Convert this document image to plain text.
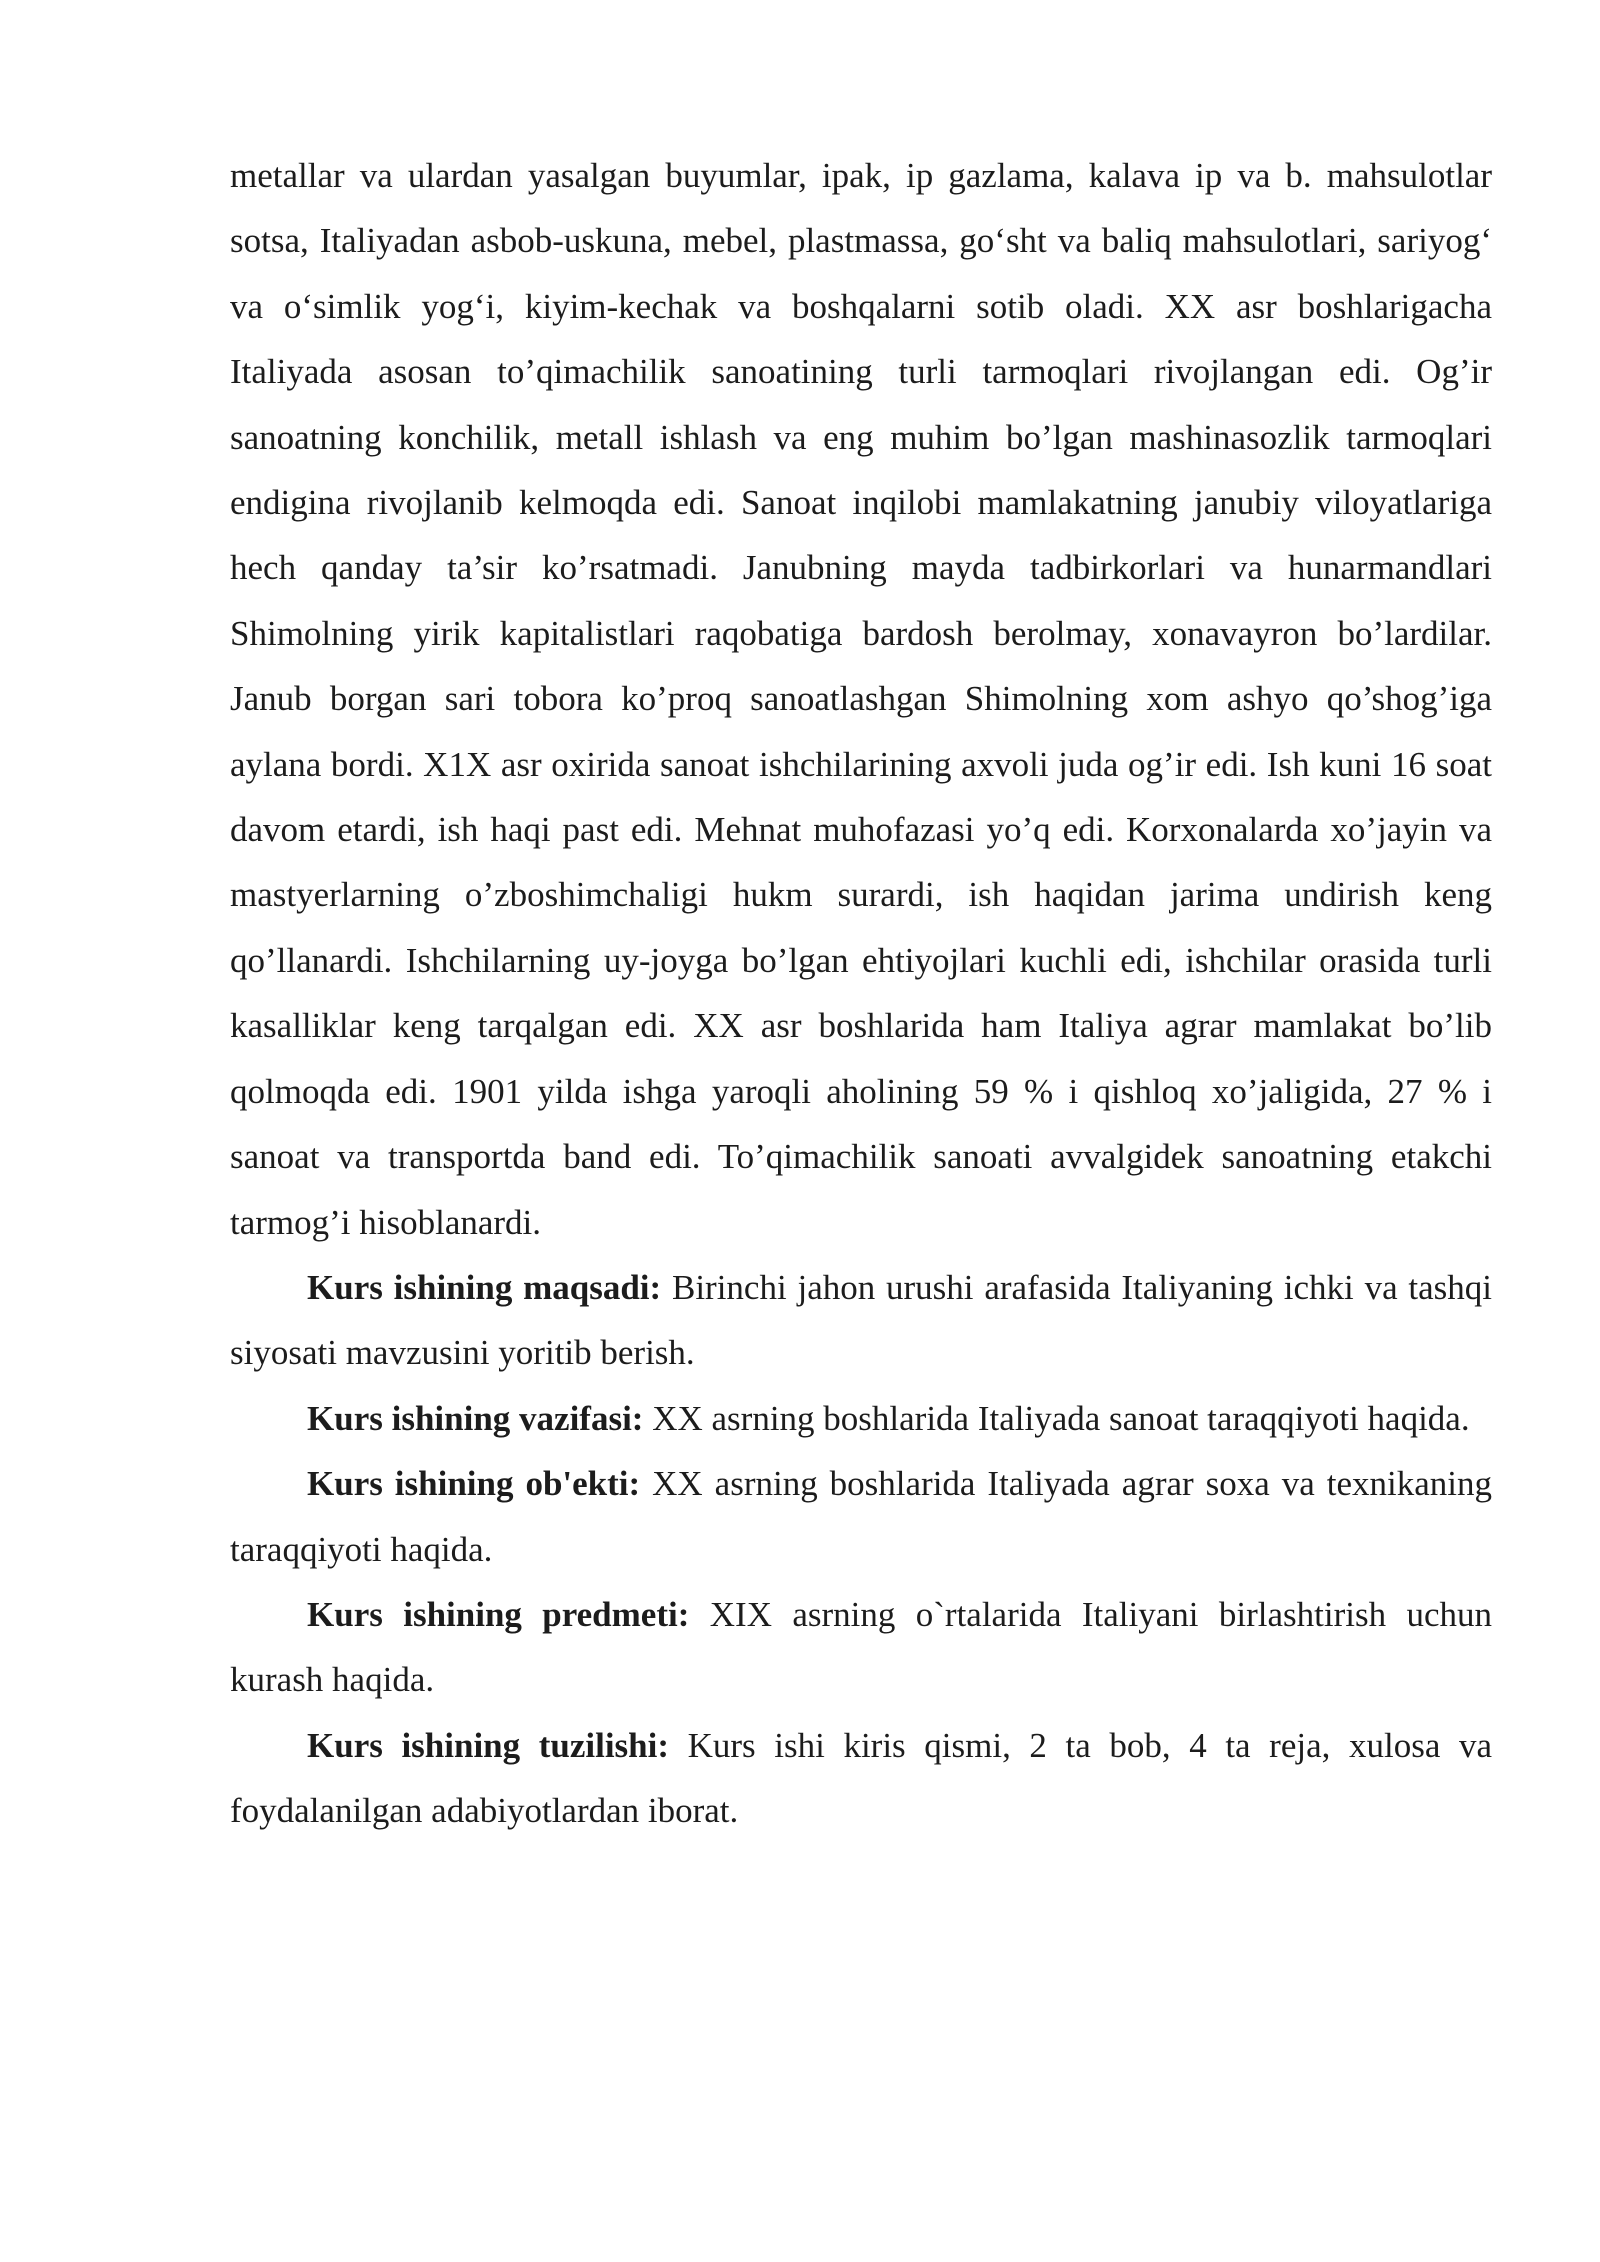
metallar va ulardan yasalgan buyumlar, ipak, ip gazlama, kalava ip va b. mahsulotlar sotsa, Italiyadan asbob-uskuna, mebel, plastmassa, go‘sht va baliq mahsulotlari, sariyog‘ va o‘simlik yog‘i, kiyim-kechak va boshqalarni sotib oladi. XX asr boshlarigacha Italiyada asosan to’qimachilik sanoatining turli tarmoqlari rivojlangan edi. Og’ir sanoatning konchilik, metall ishlash va eng muhim bo’lgan mashinasozlik tarmoqlari endigina rivojlanib kelmoqda edi. Sanoat inqilobi mamlakatning janubiy viloyatlariga hech qanday ta’sir ko’rsatmadi. Janubning mayda tadbirkorlari va hunarmandlari Shimolning yirik kapitalistlari raqobatiga bardosh berolmay, xonavayron bo’lardilar. Janub borgan sari tobora ko’proq sanoatlashgan Shimolning xom ashyo qo’shog’iga aylana bordi. X1X asr oxirida sanoat ishchilarining axvoli juda og’ir edi. Ish kuni 16 soat davom etardi, ish haqi past edi. Mehnat muhofazasi yo’q edi. Korxonalarda xo’jayin va mastyerlarning o’zboshimchaligi hukm surardi, ish haqidan jarima undirish keng qo’llanardi. Ishchilarning uy-joyga bo’lgan ehtiyojlari kuchli edi, ishchilar orasida turli kasalliklar keng tarqalgan edi. XX asr boshlarida ham Italiya agrar mamlakat bo’lib qolmoqda edi. 1901 yilda ishga yaroqli aholining 59 % i qishloq xo’jaligida, 27 % i sanoat va transportda band edi. To’qimachilik sanoati avvalgidek sanoatning etakchi tarmog’i hisoblanardi.

Kurs ishining maqsadi: Birinchi jahon urushi arafasida Italiyaning ichki va tashqi siyosati mavzusini yoritib berish.

Kurs ishining vazifasi: XX asrning boshlarida Italiyada sanoat taraqqiyoti haqida.

Kurs ishining ob'ekti: XX asrning boshlarida Italiyada agrar soxa va texnikaning taraqqiyoti haqida.

Kurs ishining predmeti: XIX asrning o`rtalarida Italiyani birlashtirish uchun kurash haqida.

Kurs ishining tuzilishi: Kurs ishi kiris qismi, 2 ta bob, 4 ta reja, xulosa va foydalanilgan adabiyotlardan iborat.
